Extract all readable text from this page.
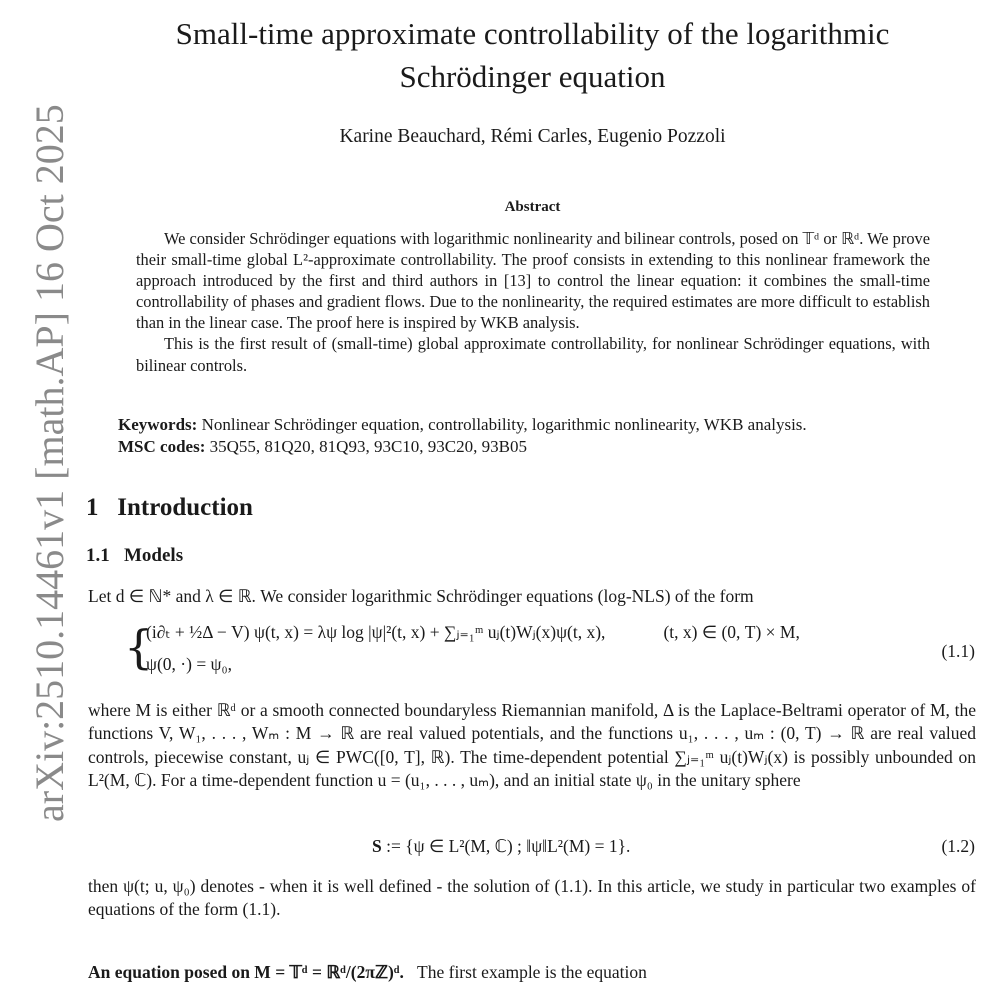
arXiv:2510.14461v1 [math.AP] 16 Oct 2025
Small-time approximate controllability of the logarithmic
Schrödinger equation
Karine Beauchard, Rémi Carles, Eugenio Pozzoli
Abstract

We consider Schrödinger equations with logarithmic nonlinearity and bilinear controls, posed on 𝕋ᵈ or ℝᵈ. We prove their small-time global L²-approximate controllability. The proof consists in extending to this nonlinear framework the approach introduced by the first and third authors in [13] to control the linear equation: it combines the small-time controllability of phases and gradient flows. Due to the nonlinearity, the required estimates are more difficult to establish than in the linear case. The proof here is inspired by WKB analysis.

This is the first result of (small-time) global approximate controllability, for nonlinear Schrödinger equations, with bilinear controls.

Keywords: Nonlinear Schrödinger equation, controllability, logarithmic nonlinearity, WKB analysis.
MSC codes: 35Q55, 81Q20, 81Q93, 93C10, 93C20, 93B05
1 Introduction
1.1 Models
Let d ∈ ℕ* and λ ∈ ℝ. We consider logarithmic Schrödinger equations (log-NLS) of the form
{
(i∂ₜ + ½Δ − V) ψ(t, x) = λψ log |ψ|²(t, x) + ∑ⱼ₌₁ᵐ uⱼ(t)Wⱼ(x)ψ(t, x),	(t, x) ∈ (0, T) × M,
ψ(0, ·) = ψ₀,
(1.1)
where M is either ℝᵈ or a smooth connected boundaryless Riemannian manifold, Δ is the Laplace-Beltrami operator of M, the functions V, W₁, . . . , Wₘ : M → ℝ are real valued potentials, and the functions u₁, . . . , uₘ : (0, T) → ℝ are real valued controls, piecewise constant, uⱼ ∈ PWC([0, T], ℝ). The time-dependent potential ∑ⱼ₌₁ᵐ uⱼ(t)Wⱼ(x) is possibly unbounded on L²(M, ℂ). For a time-dependent function u = (u₁, . . . , uₘ), and an initial state ψ₀ in the unitary sphere
S := {ψ ∈ L²(M, ℂ) ; ‖ψ‖L²(M) = 1}.	(1.2)
then ψ(t; u, ψ₀) denotes - when it is well defined - the solution of (1.1). In this article, we study in particular two examples of equations of the form (1.1).
An equation posed on M = 𝕋ᵈ = ℝᵈ/(2πℤ)ᵈ. The first example is the equation
